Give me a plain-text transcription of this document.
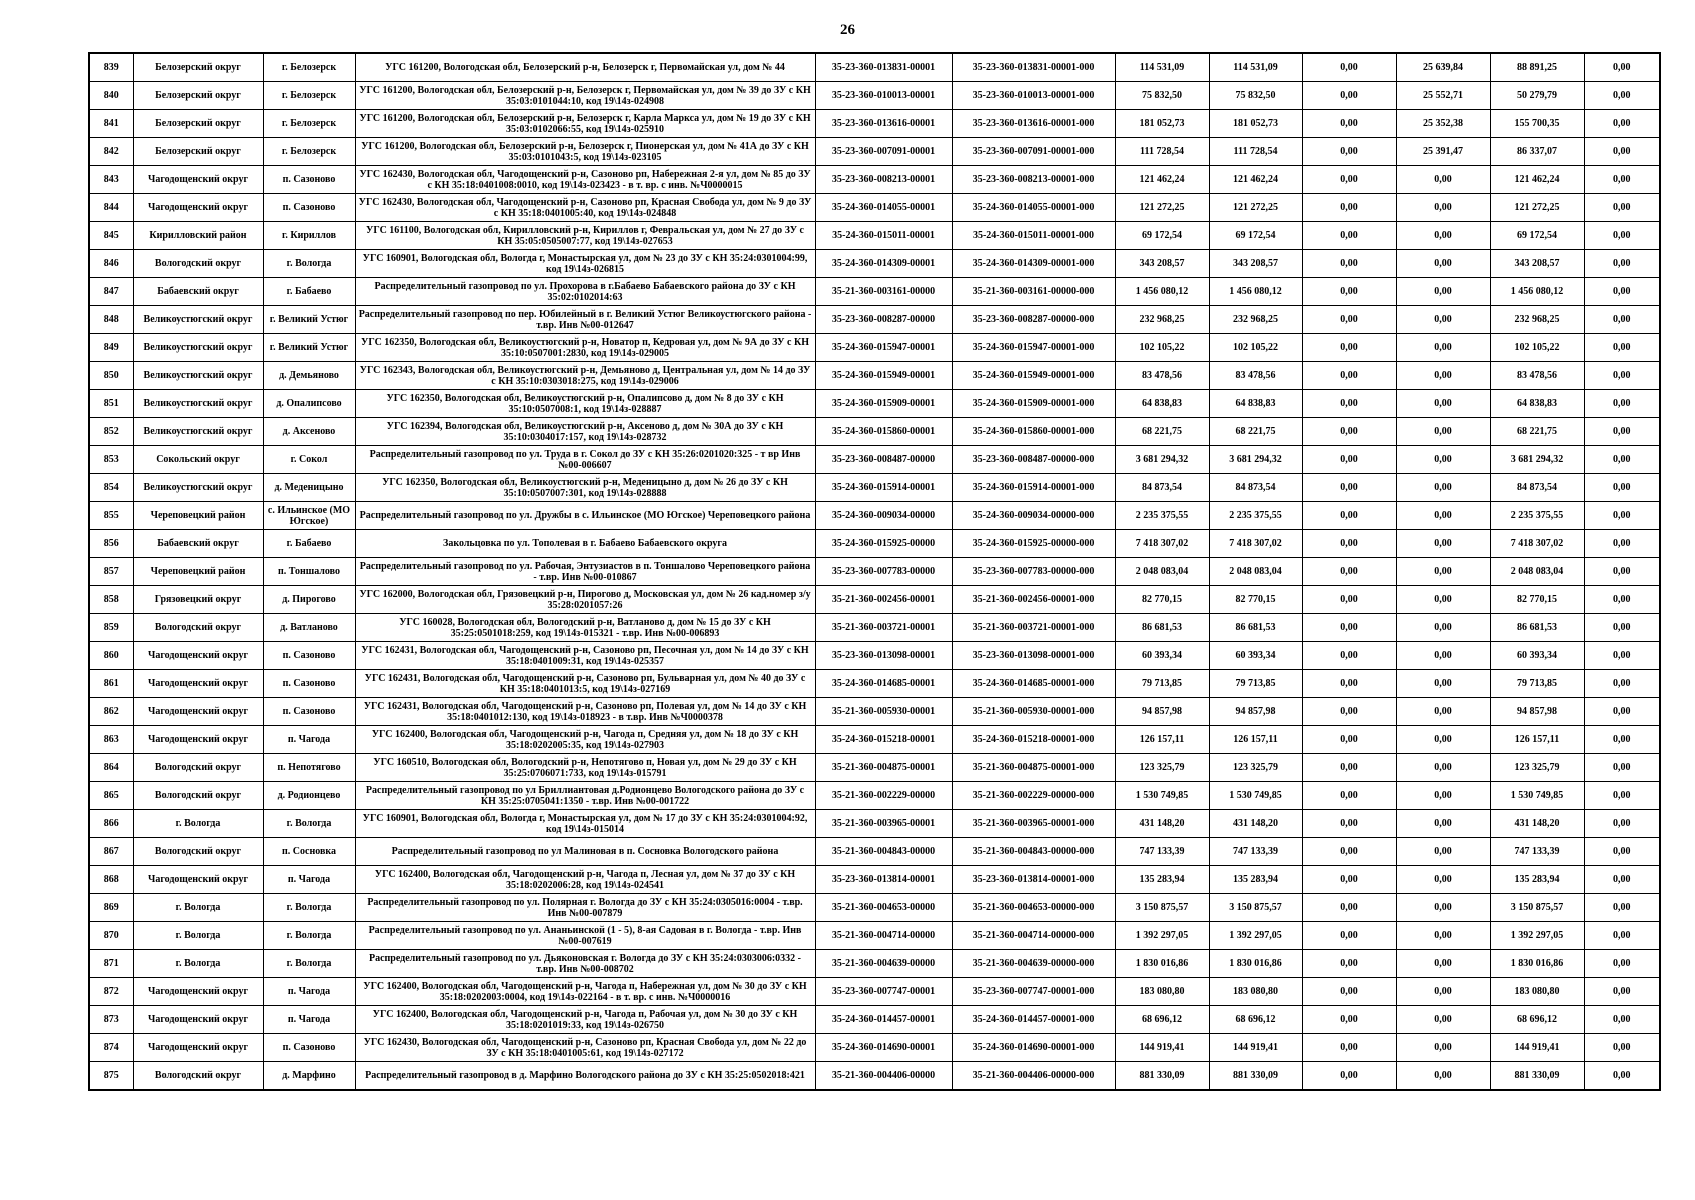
26
839	Белозерский округ	г. Белозерск	УГС 161200, Вологодская обл, Белозерский р-н, Белозерск г, Первомайская ул, дом № 44	35-23-360-013831-00001	35-23-360-013831-00001-000	114 531,09	114 531,09	0,00	25 639,84	88 891,25	0,00
840	Белозерский округ	г. Белозерск	УГС 161200, Вологодская обл, Белозерский р-н, Белозерск г, Первомайская ул, дом № 39 до ЗУ с КН 35:03:0101044:10, код 19\14з-024908	35-23-360-010013-00001	35-23-360-010013-00001-000	75 832,50	75 832,50	0,00	25 552,71	50 279,79	0,00
841	Белозерский округ	г. Белозерск	УГС 161200, Вологодская обл, Белозерский р-н, Белозерск г, Карла Маркса ул, дом № 19 до ЗУ с КН 35:03:0102066:55, код 19\14з-025910	35-23-360-013616-00001	35-23-360-013616-00001-000	181 052,73	181 052,73	0,00	25 352,38	155 700,35	0,00
842	Белозерский округ	г. Белозерск	УГС 161200, Вологодская обл, Белозерский р-н, Белозерск г, Пионерская ул, дом № 41А до ЗУ с КН 35:03:0101043:5, код 19\14з-023105	35-23-360-007091-00001	35-23-360-007091-00001-000	111 728,54	111 728,54	0,00	25 391,47	86 337,07	0,00
843	Чагодощенский округ	п. Сазоново	УГС 162430, Вологодская обл, Чагодощенский р-н, Сазоново рп, Набережная 2-я ул, дом № 85 до ЗУ с КН 35:18:0401008:0010, код 19\14з-023423 - в т. вр. с инв. №Ч0000015	35-23-360-008213-00001	35-23-360-008213-00001-000	121 462,24	121 462,24	0,00	0,00	121 462,24	0,00
844	Чагодощенский округ	п. Сазоново	УГС 162430, Вологодская обл, Чагодощенский р-н, Сазоново рп, Красная Свобода ул, дом № 9 до ЗУ с КН 35:18:0401005:40, код 19\14з-024848	35-24-360-014055-00001	35-24-360-014055-00001-000	121 272,25	121 272,25	0,00	0,00	121 272,25	0,00
845	Кирилловский район	г. Кириллов	УГС 161100, Вологодская обл, Кирилловский р-н, Кириллов г, Февральская ул, дом № 27 до ЗУ с КН 35:05:0505007:77, код 19\14з-027653	35-24-360-015011-00001	35-24-360-015011-00001-000	69 172,54	69 172,54	0,00	0,00	69 172,54	0,00
846	Вологодский округ	г. Вологда	УГС 160901, Вологодская обл, Вологда г, Монастырская ул, дом № 23 до ЗУ с КН 35:24:0301004:99, код 19\14з-026815	35-24-360-014309-00001	35-24-360-014309-00001-000	343 208,57	343 208,57	0,00	0,00	343 208,57	0,00
847	Бабаевский округ	г. Бабаево	Распределительный газопровод по ул. Прохорова в г.Бабаево Бабаевского района до ЗУ с КН 35:02:0102014:63	35-21-360-003161-00000	35-21-360-003161-00000-000	1 456 080,12	1 456 080,12	0,00	0,00	1 456 080,12	0,00
848	Великоустюгский округ	г. Великий Устюг	Распределительный газопровод по пер. Юбилейный в г. Великий Устюг Великоустюгского района - т.вр. Инв №00-012647	35-23-360-008287-00000	35-23-360-008287-00000-000	232 968,25	232 968,25	0,00	0,00	232 968,25	0,00
849	Великоустюгский округ	г. Великий Устюг	УГС 162350, Вологодская обл, Великоустюгский р-н, Новатор п, Кедровая ул, дом № 9А до ЗУ с КН 35:10:0507001:2830, код 19\14з-029005	35-24-360-015947-00001	35-24-360-015947-00001-000	102 105,22	102 105,22	0,00	0,00	102 105,22	0,00
850	Великоустюгский округ	д. Демьяново	УГС 162343, Вологодская обл, Великоустюгский р-н, Демьяново д, Центральная ул, дом № 14 до ЗУ с КН 35:10:0303018:275, код 19\14з-029006	35-24-360-015949-00001	35-24-360-015949-00001-000	83 478,56	83 478,56	0,00	0,00	83 478,56	0,00
851	Великоустюгский округ	д. Опалипсово	УГС 162350, Вологодская обл, Великоустюгский р-н, Опалипсово д, дом № 8 до ЗУ с КН 35:10:0507008:1, код 19\14з-028887	35-24-360-015909-00001	35-24-360-015909-00001-000	64 838,83	64 838,83	0,00	0,00	64 838,83	0,00
852	Великоустюгский округ	д. Аксеново	УГС 162394, Вологодская обл, Великоустюгский р-н, Аксеново д, дом № 30А до ЗУ с КН 35:10:0304017:157, код 19\14з-028732	35-24-360-015860-00001	35-24-360-015860-00001-000	68 221,75	68 221,75	0,00	0,00	68 221,75	0,00
853	Сокольский округ	г. Сокол	Распределительный газопровод по ул. Труда в г. Сокол до ЗУ с КН 35:26:0201020:325 - т вр Инв №00-006607	35-23-360-008487-00000	35-23-360-008487-00000-000	3 681 294,32	3 681 294,32	0,00	0,00	3 681 294,32	0,00
854	Великоустюгский округ	д. Меденицыно	УГС 162350, Вологодская обл, Великоустюгский р-н, Меденицыно д, дом № 26 до ЗУ с КН 35:10:0507007:301, код 19\14з-028888	35-24-360-015914-00001	35-24-360-015914-00001-000	84 873,54	84 873,54	0,00	0,00	84 873,54	0,00
855	Череповецкий район	с. Ильинское (МО Югское)	Распределительный газопровод по ул. Дружбы в с. Ильинское (МО Югское) Череповецкого района	35-24-360-009034-00000	35-24-360-009034-00000-000	2 235 375,55	2 235 375,55	0,00	0,00	2 235 375,55	0,00
856	Бабаевский округ	г. Бабаево	Закольцовка по ул. Тополевая в г. Бабаево Бабаевского округа	35-24-360-015925-00000	35-24-360-015925-00000-000	7 418 307,02	7 418 307,02	0,00	0,00	7 418 307,02	0,00
857	Череповецкий район	п. Тоншалово	Распределительный газопровод по ул. Рабочая, Энтузиастов в п. Тоншалово Череповецкого района - т.вр. Инв №00-010867	35-23-360-007783-00000	35-23-360-007783-00000-000	2 048 083,04	2 048 083,04	0,00	0,00	2 048 083,04	0,00
858	Грязовецкий округ	д. Пирогово	УГС 162000, Вологодская обл, Грязовецкий р-н, Пирогово д, Московская ул, дом № 26 кад.номер з/у 35:28:0201057:26	35-21-360-002456-00001	35-21-360-002456-00001-000	82 770,15	82 770,15	0,00	0,00	82 770,15	0,00
859	Вологодский округ	д. Ватланово	УГС 160028, Вологодская обл, Вологодский р-н, Ватланово д, дом № 15 до ЗУ с КН 35:25:0501018:259, код 19\14з-015321 - т.вр. Инв №00-006893	35-21-360-003721-00001	35-21-360-003721-00001-000	86 681,53	86 681,53	0,00	0,00	86 681,53	0,00
860	Чагодощенский округ	п. Сазоново	УГС 162431, Вологодская обл, Чагодощенский р-н, Сазоново рп, Песочная ул, дом № 14 до ЗУ с КН 35:18:0401009:31, код 19\14з-025357	35-23-360-013098-00001	35-23-360-013098-00001-000	60 393,34	60 393,34	0,00	0,00	60 393,34	0,00
861	Чагодощенский округ	п. Сазоново	УГС 162431, Вологодская обл, Чагодощенский р-н, Сазоново рп, Бульварная ул, дом № 40 до ЗУ с КН 35:18:0401013:5, код 19\14з-027169	35-24-360-014685-00001	35-24-360-014685-00001-000	79 713,85	79 713,85	0,00	0,00	79 713,85	0,00
862	Чагодощенский округ	п. Сазоново	УГС 162431, Вологодская обл, Чагодощенский р-н, Сазоново рп, Полевая ул, дом № 14 до ЗУ с КН 35:18:0401012:130, код 19\14з-018923 - в т.вр. Инв №Ч0000378	35-21-360-005930-00001	35-21-360-005930-00001-000	94 857,98	94 857,98	0,00	0,00	94 857,98	0,00
863	Чагодощенский округ	п. Чагода	УГС 162400, Вологодская обл, Чагодощенский р-н, Чагода п, Средняя ул, дом № 18 до ЗУ с КН 35:18:0202005:35, код 19\14з-027903	35-24-360-015218-00001	35-24-360-015218-00001-000	126 157,11	126 157,11	0,00	0,00	126 157,11	0,00
864	Вологодский округ	п. Непотягово	УГС 160510, Вологодская обл, Вологодский р-н, Непотягово п, Новая ул, дом № 29 до ЗУ с КН 35:25:0706071:733, код 19\14з-015791	35-21-360-004875-00001	35-21-360-004875-00001-000	123 325,79	123 325,79	0,00	0,00	123 325,79	0,00
865	Вологодский округ	д. Родионцево	Распределительный газопровод по ул Бриллиантовая д.Родионцево Вологодского района до ЗУ с КН 35:25:0705041:1350 - т.вр. Инв №00-001722	35-21-360-002229-00000	35-21-360-002229-00000-000	1 530 749,85	1 530 749,85	0,00	0,00	1 530 749,85	0,00
866	г. Вологда	г. Вологда	УГС 160901, Вологодская обл, Вологда г, Монастырская ул, дом № 17 до ЗУ с КН 35:24:0301004:92, код 19\14з-015014	35-21-360-003965-00001	35-21-360-003965-00001-000	431 148,20	431 148,20	0,00	0,00	431 148,20	0,00
867	Вологодский округ	п. Сосновка	Распределительный газопровод по ул Малиновая в п. Сосновка Вологодского района	35-21-360-004843-00000	35-21-360-004843-00000-000	747 133,39	747 133,39	0,00	0,00	747 133,39	0,00
868	Чагодощенский округ	п. Чагода	УГС 162400, Вологодская обл, Чагодощенский р-н, Чагода п, Лесная ул, дом № 37 до ЗУ с КН 35:18:0202006:28, код 19\14з-024541	35-23-360-013814-00001	35-23-360-013814-00001-000	135 283,94	135 283,94	0,00	0,00	135 283,94	0,00
869	г. Вологда	г. Вологда	Распределительный газопровод по ул. Полярная г. Вологда до ЗУ с КН 35:24:0305016:0004 - т.вр. Инв №00-007879	35-21-360-004653-00000	35-21-360-004653-00000-000	3 150 875,57	3 150 875,57	0,00	0,00	3 150 875,57	0,00
870	г. Вологда	г. Вологда	Распределительный газопровод по ул. Ананьинской (1 - 5), 8-ая Садовая в г. Вологда - т.вр. Инв №00-007619	35-21-360-004714-00000	35-21-360-004714-00000-000	1 392 297,05	1 392 297,05	0,00	0,00	1 392 297,05	0,00
871	г. Вологда	г. Вологда	Распределительный газопровод по ул. Дьяконовская г. Вологда до ЗУ с КН 35:24:0303006:0332 - т.вр. Инв №00-008702	35-21-360-004639-00000	35-21-360-004639-00000-000	1 830 016,86	1 830 016,86	0,00	0,00	1 830 016,86	0,00
872	Чагодощенский округ	п. Чагода	УГС 162400, Вологодская обл, Чагодощенский р-н, Чагода п, Набережная ул, дом № 30 до ЗУ с КН 35:18:0202003:0004, код 19\14з-022164 - в т. вр. с инв. №Ч0000016	35-23-360-007747-00001	35-23-360-007747-00001-000	183 080,80	183 080,80	0,00	0,00	183 080,80	0,00
873	Чагодощенский округ	п. Чагода	УГС 162400, Вологодская обл, Чагодощенский р-н, Чагода п, Рабочая ул, дом № 30 до ЗУ с КН 35:18:0201019:33, код 19\14з-026750	35-24-360-014457-00001	35-24-360-014457-00001-000	68 696,12	68 696,12	0,00	0,00	68 696,12	0,00
874	Чагодощенский округ	п. Сазоново	УГС 162430, Вологодская обл, Чагодощенский р-н, Сазоново рп, Красная Свобода ул, дом № 22 до ЗУ с КН 35:18:0401005:61, код 19\14з-027172	35-24-360-014690-00001	35-24-360-014690-00001-000	144 919,41	144 919,41	0,00	0,00	144 919,41	0,00
875	Вологодский округ	д. Марфино	Распределительный газопровод в д. Марфино Вологодского района до ЗУ с КН 35:25:0502018:421	35-21-360-004406-00000	35-21-360-004406-00000-000	881 330,09	881 330,09	0,00	0,00	881 330,09	0,00
